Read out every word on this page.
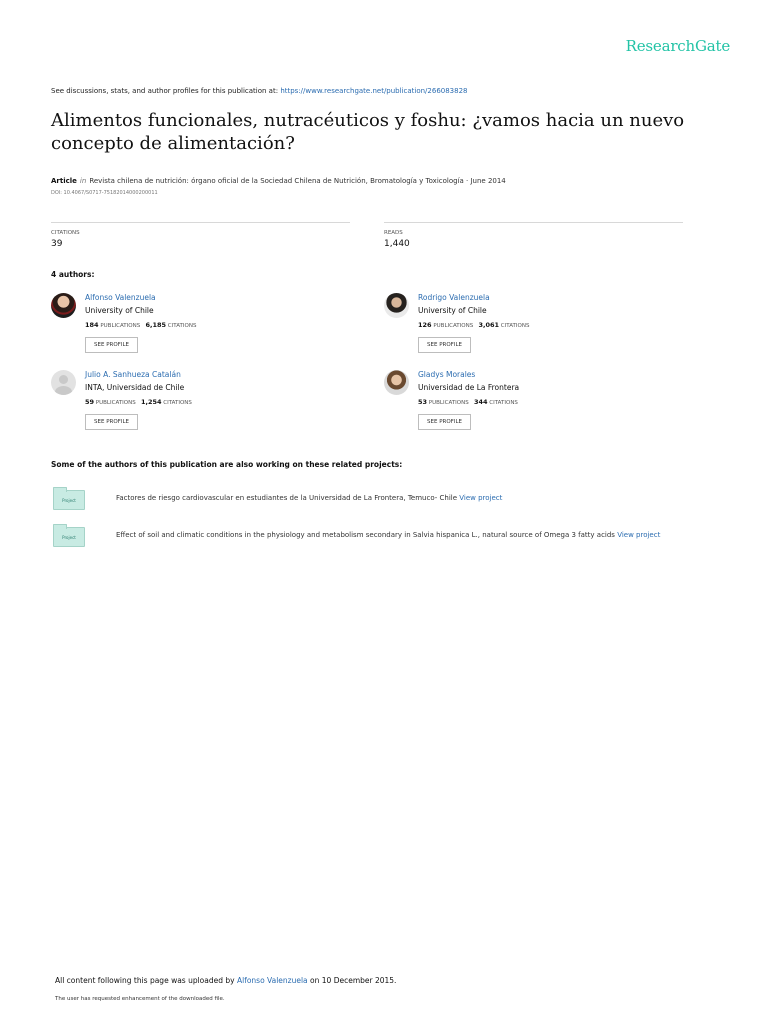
ResearchGate
See discussions, stats, and author profiles for this publication at: https://www.researchgate.net/publication/266083828
Alimentos funcionales, nutracéuticos y foshu: ¿vamos hacia un nuevo concepto de alimentación?
Article in Revista chilena de nutrición: órgano oficial de la Sociedad Chilena de Nutrición, Bromatología y Toxicología · June 2014
DOI: 10.4067/S0717-75182014000200011
CITATIONS
39
READS
1,440
4 authors:
Alfonso Valenzuela
University of Chile
184 PUBLICATIONS 6,185 CITATIONS
SEE PROFILE
Rodrigo Valenzuela
University of Chile
126 PUBLICATIONS 3,061 CITATIONS
SEE PROFILE
Julio A. Sanhueza Catalán
INTA, Universidad de Chile
59 PUBLICATIONS 1,254 CITATIONS
SEE PROFILE
Gladys Morales
Universidad de La Frontera
53 PUBLICATIONS 344 CITATIONS
SEE PROFILE
Some of the authors of this publication are also working on these related projects:
Project	Factores de riesgo cardiovascular en estudiantes de la Universidad de La Frontera, Temuco- Chile View project
Project	Effect of soil and climatic conditions in the physiology and metabolism secondary in Salvia hispanica L., natural source of Omega 3 fatty acids View project
All content following this page was uploaded by Alfonso Valenzuela on 10 December 2015.
The user has requested enhancement of the downloaded file.
